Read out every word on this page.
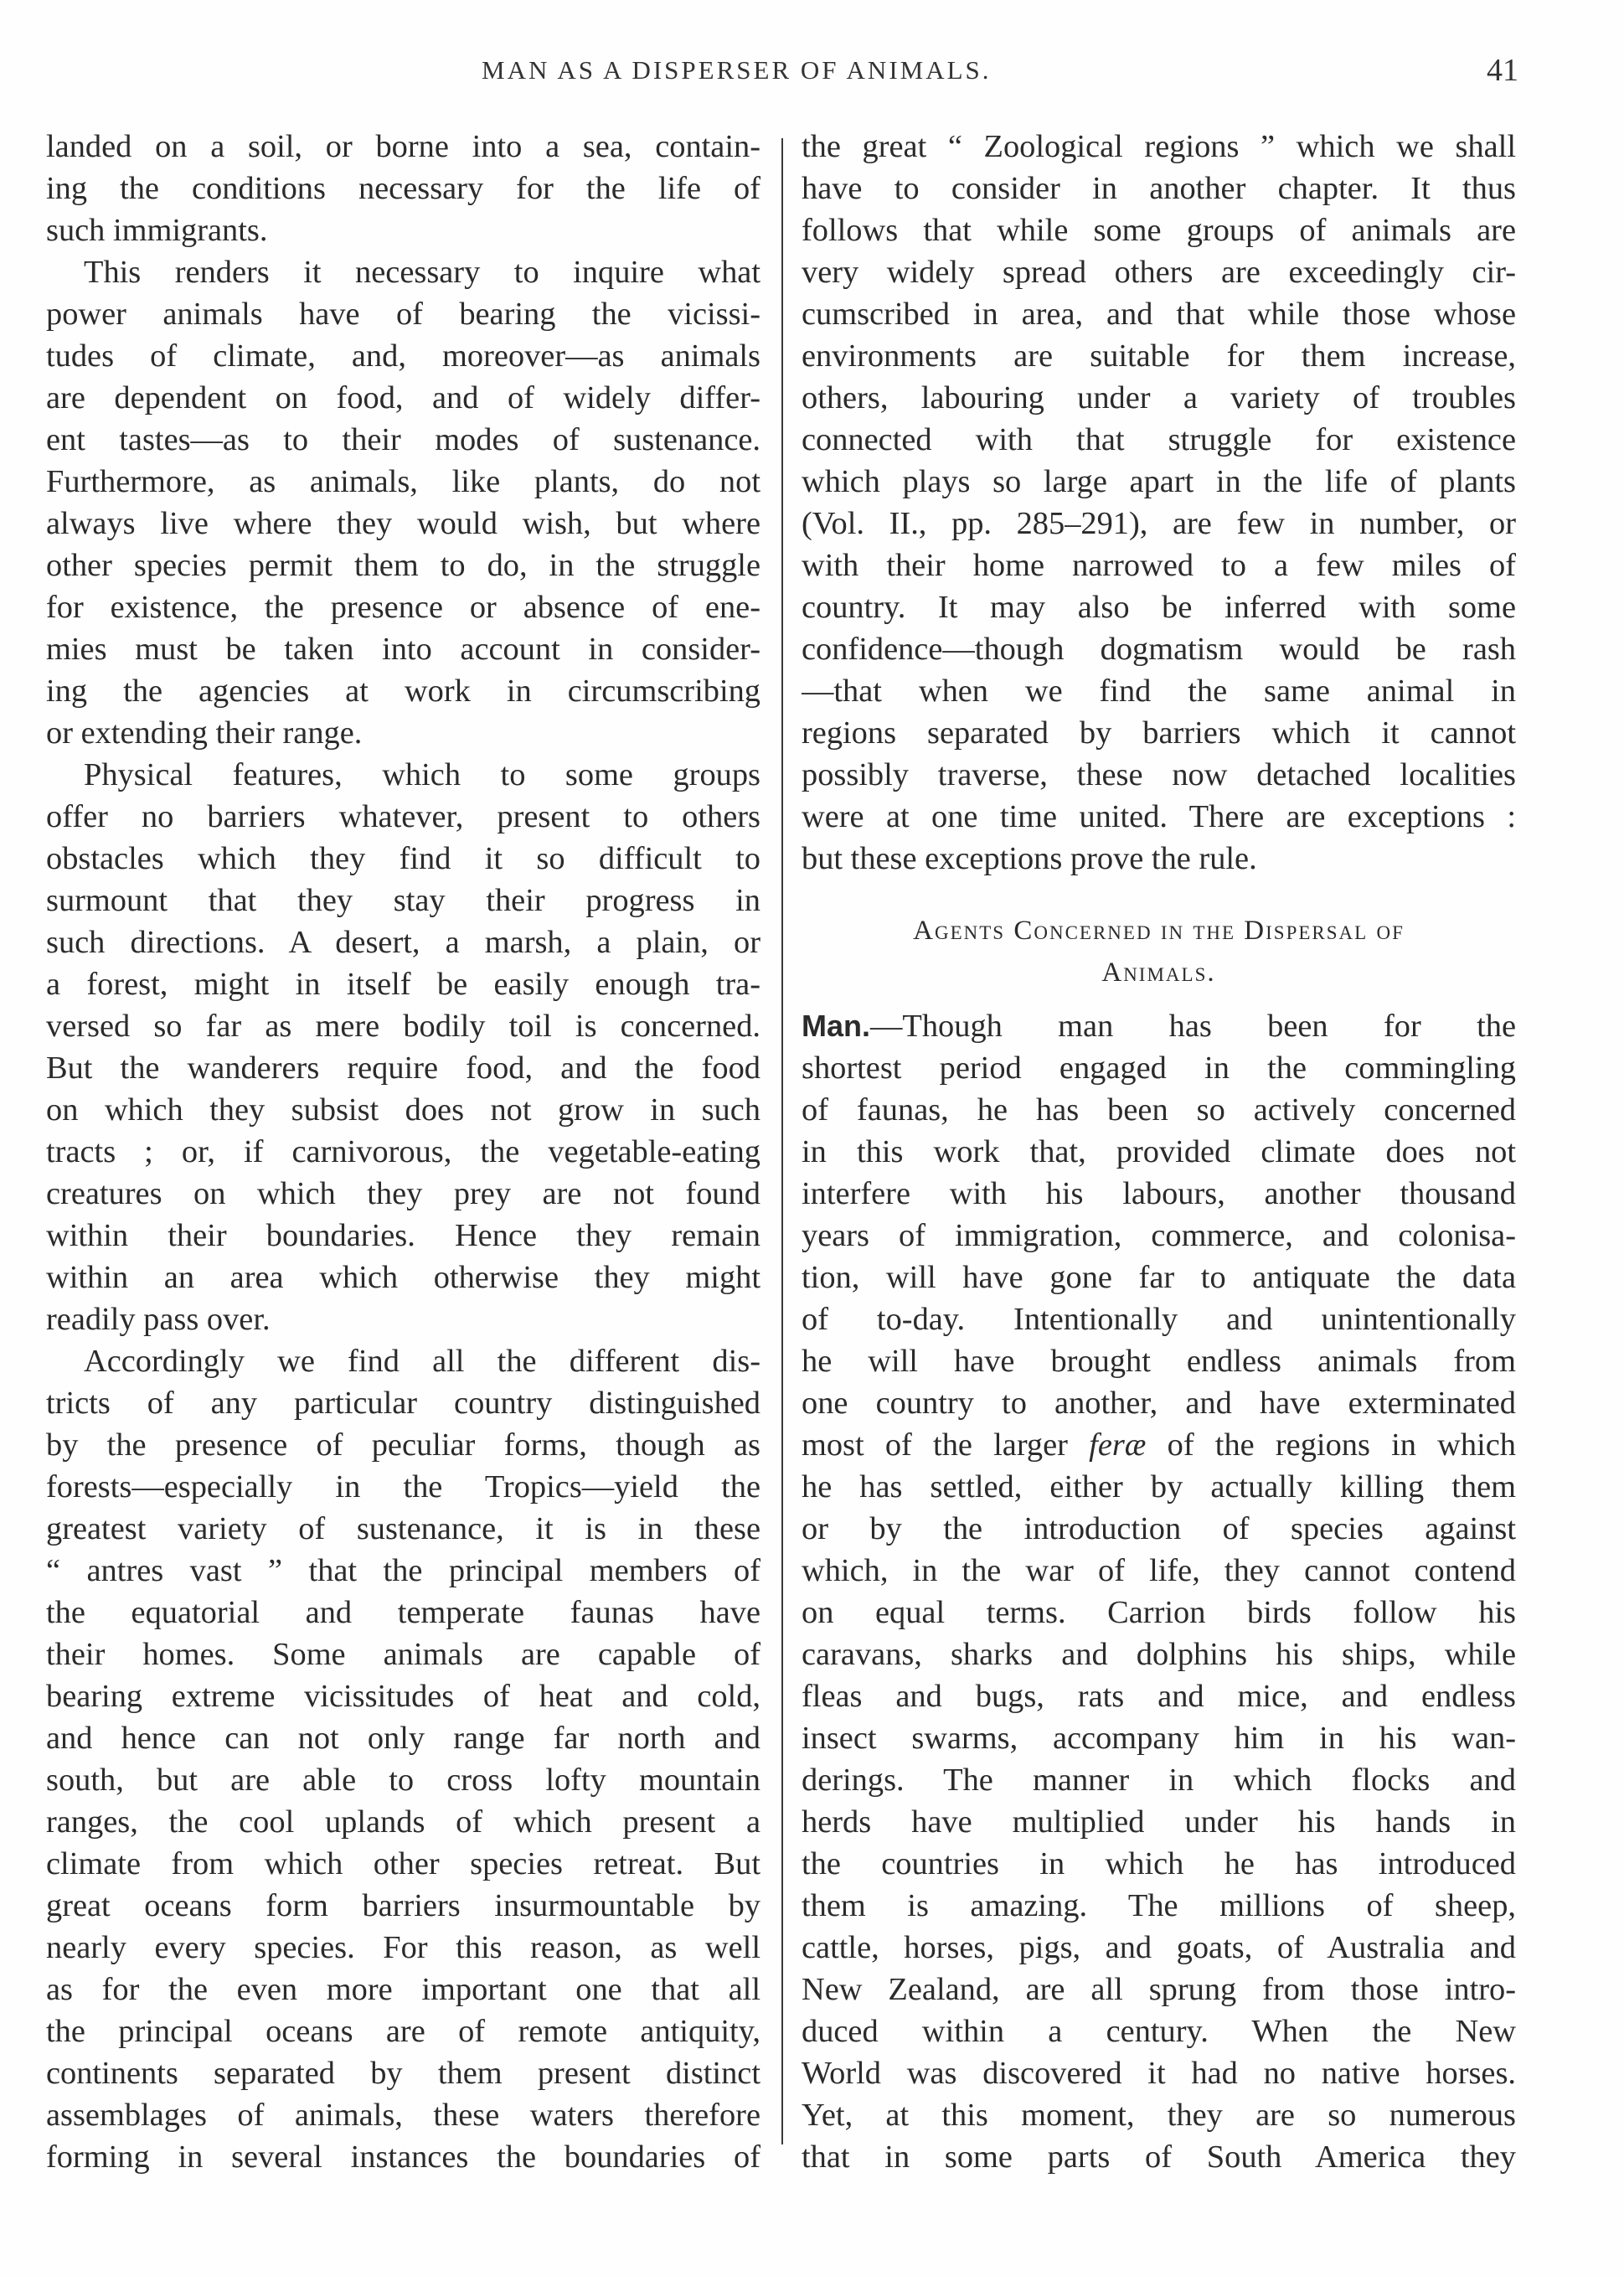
MAN AS A DISPERSER OF ANIMALS.	41
landed on a soil, or borne into a sea, contain-
ing the conditions necessary for the life of
such immigrants.
This renders it necessary to inquire what
power animals have of bearing the vicissi-
tudes of climate, and, moreover—as animals
are dependent on food, and of widely differ-
ent tastes—as to their modes of sustenance.
Furthermore, as animals, like plants, do not
always live where they would wish, but where
other species permit them to do, in the struggle
for existence, the presence or absence of ene-
mies must be taken into account in consider-
ing the agencies at work in circumscribing
or extending their range.
Physical features, which to some groups
offer no barriers whatever, present to others
obstacles which they find it so difficult to
surmount that they stay their progress in
such directions. A desert, a marsh, a plain, or
a forest, might in itself be easily enough tra-
versed so far as mere bodily toil is concerned.
But the wanderers require food, and the food
on which they subsist does not grow in such
tracts ; or, if carnivorous, the vegetable-eating
creatures on which they prey are not found
within their boundaries. Hence they remain
within an area which otherwise they might
readily pass over.
Accordingly we find all the different dis-
tricts of any particular country distinguished
by the presence of peculiar forms, though as
forests—especially in the Tropics—yield the
greatest variety of sustenance, it is in these
“ antres vast ” that the principal members of
the equatorial and temperate faunas have
their homes. Some animals are capable of
bearing extreme vicissitudes of heat and cold,
and hence can not only range far north and
south, but are able to cross lofty mountain
ranges, the cool uplands of which present a
climate from which other species retreat. But
great oceans form barriers insurmountable by
nearly every species. For this reason, as well
as for the even more important one that all
the principal oceans are of remote antiquity,
continents separated by them present distinct
assemblages of animals, these waters therefore
forming in several instances the boundaries of
the great “ Zoological regions ” which we shall
have to consider in another chapter. It thus
follows that while some groups of animals are
very widely spread others are exceedingly cir-
cumscribed in area, and that while those whose
environments are suitable for them increase,
others, labouring under a variety of troubles
connected with that struggle for existence
which plays so large apart in the life of plants
(Vol. II., pp. 285–291), are few in number, or
with their home narrowed to a few miles of
country. It may also be inferred with some
confidence—though dogmatism would be rash
—that when we find the same animal in
regions separated by barriers which it cannot
possibly traverse, these now detached localities
were at one time united. There are exceptions :
but these exceptions prove the rule.
Agents Concerned in the Dispersal of
Animals.
Man.—Though man has been for the
shortest period engaged in the commingling
of faunas, he has been so actively concerned
in this work that, provided climate does not
interfere with his labours, another thousand
years of immigration, commerce, and colonisa-
tion, will have gone far to antiquate the data
of to-day. Intentionally and unintentionally
he will have brought endless animals from
one country to another, and have exterminated
most of the larger feræ of the regions in which
he has settled, either by actually killing them
or by the introduction of species against
which, in the war of life, they cannot contend
on equal terms. Carrion birds follow his
caravans, sharks and dolphins his ships, while
fleas and bugs, rats and mice, and endless
insect swarms, accompany him in his wan-
derings. The manner in which flocks and
herds have multiplied under his hands in
the countries in which he has introduced
them is amazing. The millions of sheep,
cattle, horses, pigs, and goats, of Australia and
New Zealand, are all sprung from those intro-
duced within a century. When the New
World was discovered it had no native horses.
Yet, at this moment, they are so numerous
that in some parts of South America they
